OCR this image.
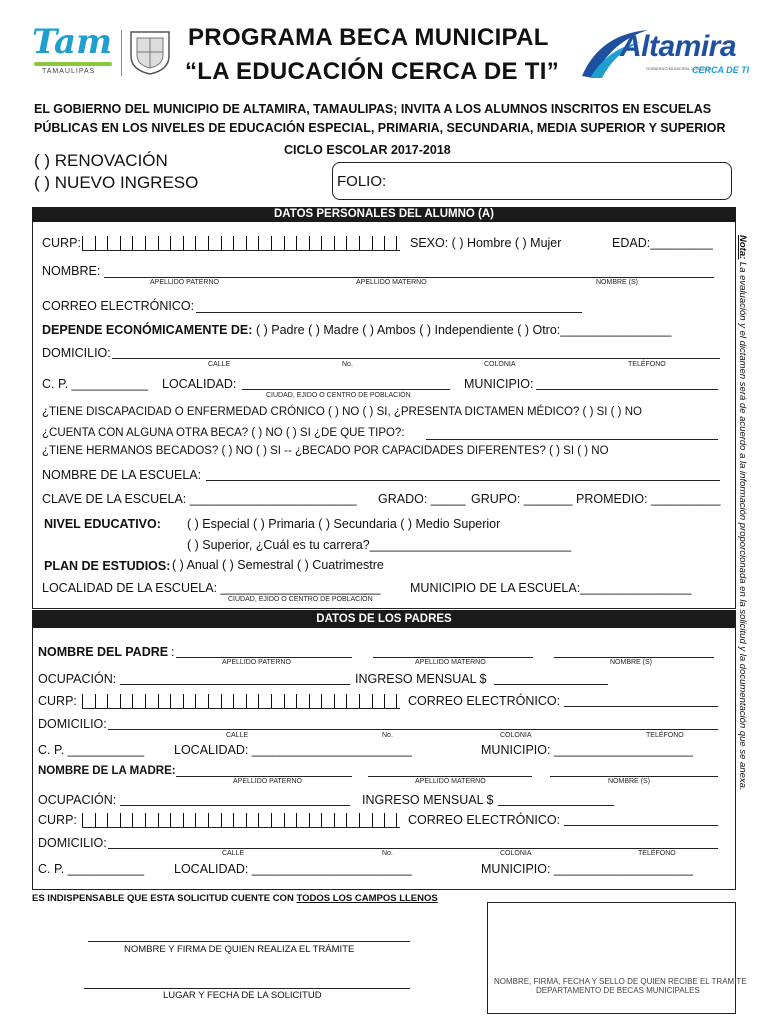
Tam
TAMAULIPAS
PROGRAMA BECA MUNICIPAL
“LA EDUCACIÓN CERCA DE TI”
Altamira
GOBIERNO MUNICIPAL 2016-2018
CERCA DE TI
EL GOBIERNO DEL MUNICIPIO DE ALTAMIRA, TAMAULIPAS; INVITA A LOS ALUMNOS INSCRITOS EN ESCUELAS
PÚBLICAS EN LOS NIVELES DE EDUCACIÓN ESPECIAL, PRIMARIA, SECUNDARIA, MEDIA SUPERIOR Y SUPERIOR
CICLO ESCOLAR 2017-2018
( ) RENOVACIÓN
( ) NUEVO INGRESO	FOLIO:
Nota: La evaluación y el dictamen será de acuerdo a la información proporcionada en la solicitud y la documentación que se anexa.
DATOS PERSONALES DEL ALUMNO (A)
CURP:	SEXO: ( ) Hombre ( ) Mujer	EDAD:_________
NOMBRE:
APELLIDO PATERNO	APELLIDO MATERNO	NOMBRE (S)
CORREO ELECTRÓNICO:
DEPENDE ECONÓMICAMENTE DE: ( ) Padre ( ) Madre ( ) Ambos ( ) Independiente ( ) Otro:________________
DOMICILIO:
CALLE	No.	COLONIA	TELÉFONO
C. P. ___________ LOCALIDAD:
CIUDAD, EJIDO O CENTRO DE POBLACIÓN
MUNICIPIO:
¿TIENE DISCAPACIDAD O ENFERMEDAD CRÓNICO ( ) NO ( ) SI, ¿PRESENTA DICTAMEN MÉDICO? ( ) SI ( ) NO
¿CUENTA CON ALGUNA OTRA BECA? ( ) NO ( ) SI ¿DE QUE TIPO?:
¿TIENE HERMANOS BECADOS? ( ) NO ( ) SI -- ¿BECADO POR CAPACIDADES DIFERENTES? ( ) SI ( ) NO
NOMBRE DE LA ESCUELA:
CLAVE DE LA ESCUELA: ________________________ GRADO: _____ GRUPO: _______ PROMEDIO: __________
NIVEL EDUCATIVO: ( ) Especial ( ) Primaria ( ) Secundaria ( ) Medio Superior
( ) Superior, ¿Cuál es tu carrera?_____________________________
PLAN DE ESTUDIOS: ( ) Anual ( ) Semestral ( ) Cuatrimestre
LOCALIDAD DE LA ESCUELA: _______________________
CIUDAD, EJIDO O CENTRO DE POBLACIÓN
MUNICIPIO DE LA ESCUELA:________________
DATOS DE LOS PADRES
NOMBRE DEL PADRE :
APELLIDO PATERNO	APELLIDO MATERNO	NOMBRE (S)
OCUPACIÓN:	INGRESO MENSUAL $
CURP:	CORREO ELECTRÓNICO:
DOMICILIO:
CALLE	No.	COLONIA	TELÉFONO
C. P. ___________ LOCALIDAD: _______________________	MUNICIPIO: ____________________
NOMBRE DE LA MADRE:
APELLIDO PATERNO	APELLIDO MATERNO	NOMBRE (S)
OCUPACIÓN:	INGRESO MENSUAL $
CURP:	CORREO ELECTRÓNICO:
DOMICILIO:
CALLE	No.	COLONIA	TELÉFONO
C. P. ___________ LOCALIDAD: _______________________	MUNICIPIO: ____________________
ES INDISPENSABLE QUE ESTA SOLICITUD CUENTE CON TODOS LOS CAMPOS LLENOS
NOMBRE Y FIRMA DE QUIEN REALIZA EL TRÁMITE
LUGAR Y FECHA DE LA SOLICITUD
NOMBRE, FIRMA, FECHA Y SELLO DE QUIEN RECIBE EL TRAMITE
DEPARTAMENTO DE BECAS MUNICIPALES
